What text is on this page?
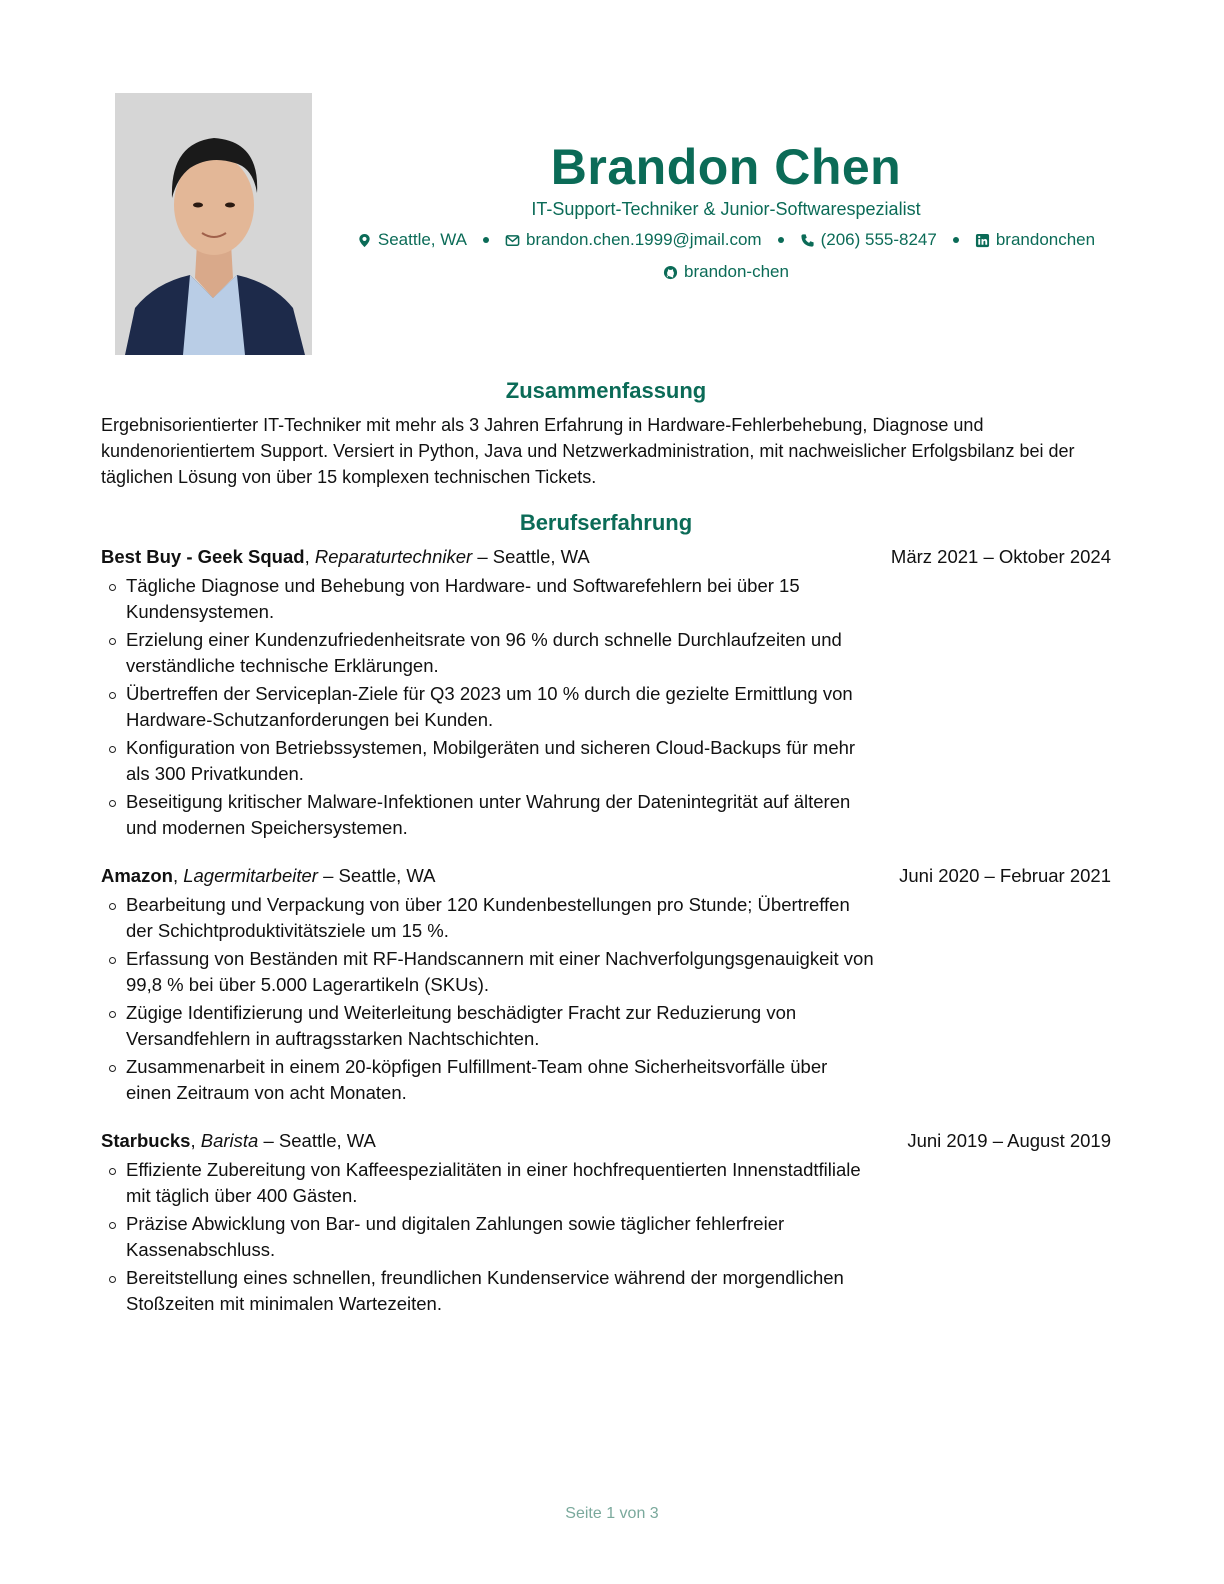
Brandon Chen
IT-Support-Techniker & Junior-Softwarespezialist
Seattle, WA	brandon.chen.1999@jmail.com	(206) 555-8247	brandonchen
brandon-chen
Zusammenfassung
Ergebnisorientierter IT-Techniker mit mehr als 3 Jahren Erfahrung in Hardware-Fehlerbehebung, Diagnose und kundenorientiertem Support. Versiert in Python, Java und Netzwerkadministration, mit nachweislicher Erfolgsbilanz bei der täglichen Lösung von über 15 komplexen technischen Tickets.
Berufserfahrung
Best Buy - Geek Squad, Reparaturtechniker – Seattle, WA	März 2021 – Oktober 2024
Tägliche Diagnose und Behebung von Hardware- und Softwarefehlern bei über 15 Kundensystemen.
Erzielung einer Kundenzufriedenheitsrate von 96 % durch schnelle Durchlaufzeiten und verständliche technische Erklärungen.
Übertreffen der Serviceplan-Ziele für Q3 2023 um 10 % durch die gezielte Ermittlung von Hardware-Schutzanforderungen bei Kunden.
Konfiguration von Betriebssystemen, Mobilgeräten und sicheren Cloud-Backups für mehr als 300 Privatkunden.
Beseitigung kritischer Malware-Infektionen unter Wahrung der Datenintegrität auf älteren und modernen Speichersystemen.
Amazon, Lagermitarbeiter – Seattle, WA	Juni 2020 – Februar 2021
Bearbeitung und Verpackung von über 120 Kundenbestellungen pro Stunde; Übertreffen der Schichtproduktivitätsziele um 15 %.
Erfassung von Beständen mit RF-Handscannern mit einer Nachverfolgungsgenauigkeit von 99,8 % bei über 5.000 Lagerartikeln (SKUs).
Zügige Identifizierung und Weiterleitung beschädigter Fracht zur Reduzierung von Versandfehlern in auftragsstarken Nachtschichten.
Zusammenarbeit in einem 20-köpfigen Fulfillment-Team ohne Sicherheitsvorfälle über einen Zeitraum von acht Monaten.
Starbucks, Barista – Seattle, WA	Juni 2019 – August 2019
Effiziente Zubereitung von Kaffeespezialitäten in einer hochfrequentierten Innenstadtfiliale mit täglich über 400 Gästen.
Präzise Abwicklung von Bar- und digitalen Zahlungen sowie täglicher fehlerfreier Kassenabschluss.
Bereitstellung eines schnellen, freundlichen Kundenservice während der morgendlichen Stoßzeiten mit minimalen Wartezeiten.
Seite 1 von 3
